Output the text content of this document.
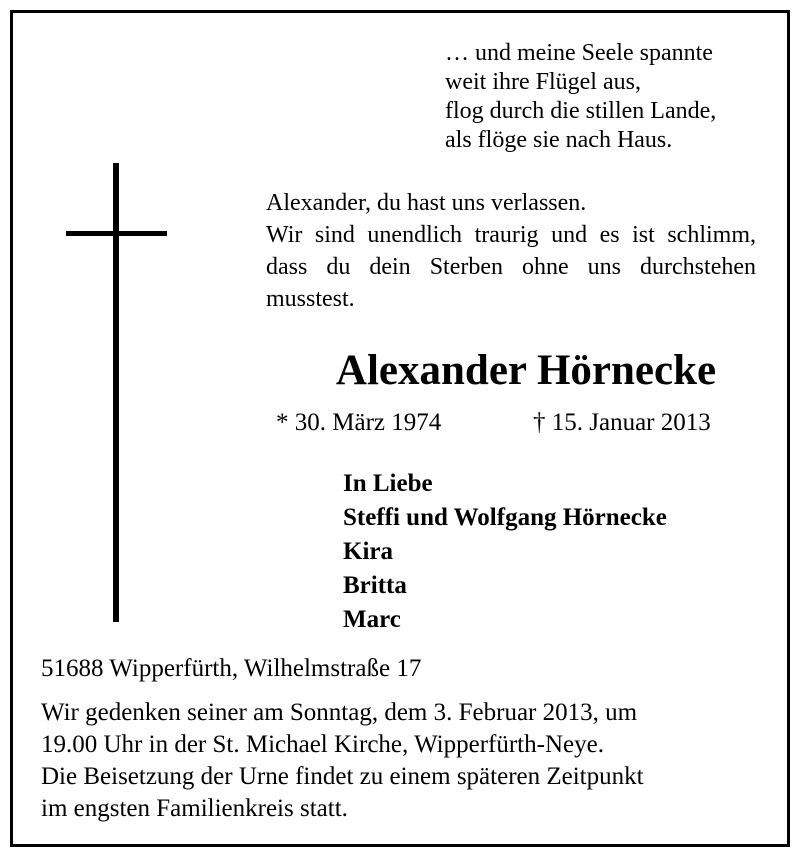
… und meine Seele spannte
weit ihre Flügel aus,
flog durch die stillen Lande,
als flöge sie nach Haus.
Alexander, du hast uns verlassen.
Wir sind unendlich traurig und es ist schlimm, dass du dein Sterben ohne uns durchstehen musstest.
Alexander Hörnecke
* 30. März 1974	† 15. Januar 2013
In Liebe
Steffi und Wolfgang Hörnecke
Kira
Britta
Marc
51688 Wipperfürth, Wilhelmstraße 17
Wir gedenken seiner am Sonntag, dem 3. Februar 2013, um
19.00 Uhr in der St. Michael Kirche, Wipperfürth-Neye.
Die Beisetzung der Urne findet zu einem späteren Zeitpunkt
im engsten Familienkreis statt.
